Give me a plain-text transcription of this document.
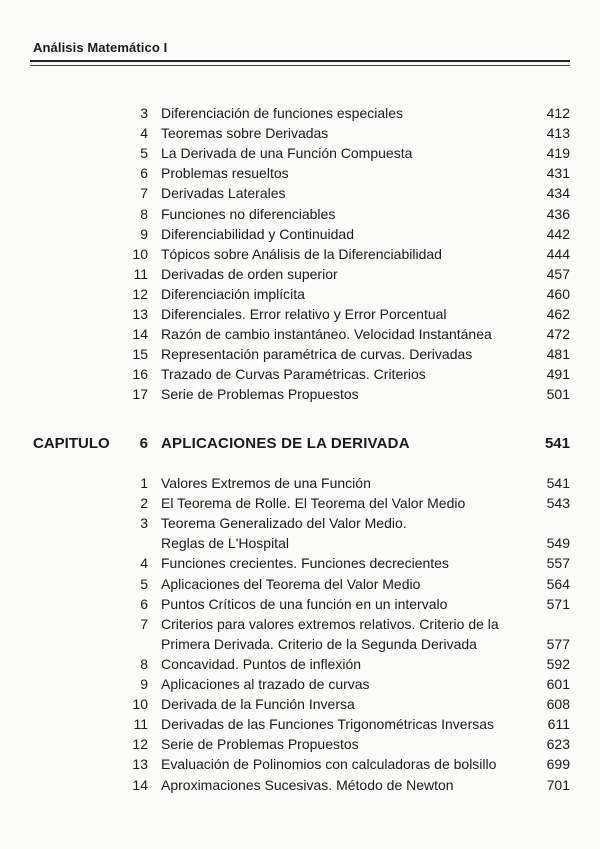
Análisis Matemático I
3 Diferenciación de funciones especiales	412
4 Teoremas sobre Derivadas	413
5 La Derivada de una Función Compuesta	419
6 Problemas resueltos	431
7 Derivadas Laterales	434
8 Funciones no diferenciables	436
9 Diferenciabilidad y Continuidad	442
10 Tópicos sobre Análisis de la Diferenciabilidad	444
11 Derivadas de orden superior	457
12 Diferenciación implícita	460
13 Diferenciales. Error relativo y Error Porcentual	462
14 Razón de cambio instantáneo. Velocidad Instantánea	472
15 Representación paramétrica de curvas. Derivadas	481
16 Trazado de Curvas Paramétricas. Criterios	491
17 Serie de Problemas Propuestos	501
CAPITULO 6 APLICACIONES DE LA DERIVADA	541
1 Valores Extremos de una Función	541
2 El Teorema de Rolle. El Teorema del Valor Medio	543
3 Teorema Generalizado del Valor Medio.
Reglas de L'Hospital	549
4 Funciones crecientes. Funciones decrecientes	557
5 Aplicaciones del Teorema del Valor Medio	564
6 Puntos Críticos de una función en un intervalo	571
7 Criterios para valores extremos relativos. Criterio de la
Primera Derivada. Criterio de la Segunda Derivada	577
8 Concavidad. Puntos de inflexión	592
9 Aplicaciones al trazado de curvas	601
10 Derivada de la Función Inversa	608
11 Derivadas de las Funciones Trigonométricas Inversas	611
12 Serie de Problemas Propuestos	623
13 Evaluación de Polinomios con calculadoras de bolsillo	699
14 Aproximaciones Sucesivas. Método de Newton	701
